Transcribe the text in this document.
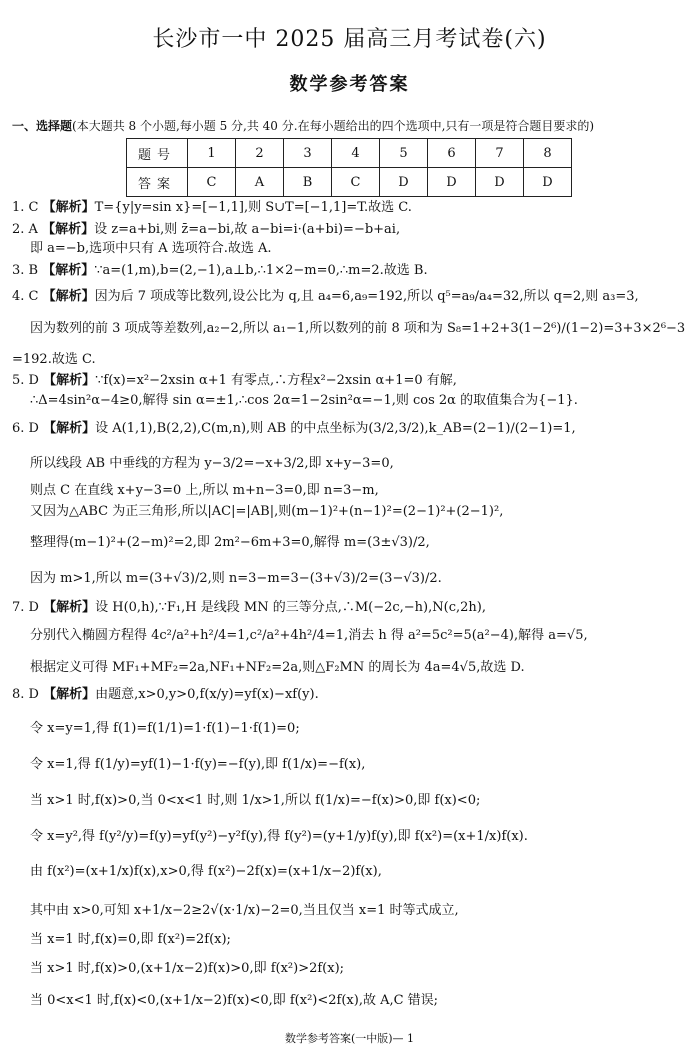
长沙市一中 2025 届高三月考试卷(六)
数学参考答案
一、选择题(本大题共 8 个小题,每小题 5 分,共 40 分.在每小题给出的四个选项中,只有一项是符合题目要求的)
题号	1	2	3	4	5	6	7	8
答案	C	A	B	C	D	D	D	D
1. C 【解析】T={y|y=sin x}=[−1,1],则 S∪T=[−1,1]=T.故选 C.
2. A 【解析】设 z=a+bi,则 z̄=a−bi,故 a−bi=i·(a+bi)=−b+ai,
即 a=−b,选项中只有 A 选项符合.故选 A.
3. B 【解析】∵a=(1,m),b=(2,−1),a⊥b,∴1×2−m=0,∴m=2.故选 B.
4. C 【解析】因为后 7 项成等比数列,设公比为 q,且 a₄=6,a₉=192,所以 q⁵=a₉/a₄=32,所以 q=2,则 a₃=3,
因为数列的前 3 项成等差数列,a₂−2,所以 a₁−1,所以数列的前 8 项和为 S₈=1+2+3(1−2⁶)/(1−2)=3+3×2⁶−3
=192.故选 C.
5. D 【解析】∵f(x)=x²−2xsin α+1 有零点,∴方程x²−2xsin α+1=0 有解,
∴Δ=4sin²α−4≥0,解得 sin α=±1,∴cos 2α=1−2sin²α=−1,则 cos 2α 的取值集合为{−1}.
6. D 【解析】设 A(1,1),B(2,2),C(m,n),则 AB 的中点坐标为(3/2,3/2),k_AB=(2−1)/(2−1)=1,
所以线段 AB 中垂线的方程为 y−3/2=−x+3/2,即 x+y−3=0,
则点 C 在直线 x+y−3=0 上,所以 m+n−3=0,即 n=3−m,
又因为△ABC 为正三角形,所以|AC|=|AB|,则(m−1)²+(n−1)²=(2−1)²+(2−1)²,
整理得(m−1)²+(2−m)²=2,即 2m²−6m+3=0,解得 m=(3±√3)/2,
因为 m>1,所以 m=(3+√3)/2,则 n=3−m=3−(3+√3)/2=(3−√3)/2.
7. D 【解析】设 H(0,h),∵F₁,H 是线段 MN 的三等分点,∴M(−2c,−h),N(c,2h),
分别代入椭圆方程得 4c²/a²+h²/4=1,c²/a²+4h²/4=1,消去 h 得 a²=5c²=5(a²−4),解得 a=√5,
根据定义可得 MF₁+MF₂=2a,NF₁+NF₂=2a,则△F₂MN 的周长为 4a=4√5,故选 D.
8. D 【解析】由题意,x>0,y>0,f(x/y)=yf(x)−xf(y).
令 x=y=1,得 f(1)=f(1/1)=1·f(1)−1·f(1)=0;
令 x=1,得 f(1/y)=yf(1)−1·f(y)=−f(y),即 f(1/x)=−f(x),
当 x>1 时,f(x)>0,当 0<x<1 时,则 1/x>1,所以 f(1/x)=−f(x)>0,即 f(x)<0;
令 x=y²,得 f(y²/y)=f(y)=yf(y²)−y²f(y),得 f(y²)=(y+1/y)f(y),即 f(x²)=(x+1/x)f(x).
由 f(x²)=(x+1/x)f(x),x>0,得 f(x²)−2f(x)=(x+1/x−2)f(x),
其中由 x>0,可知 x+1/x−2≥2√(x·1/x)−2=0,当且仅当 x=1 时等式成立,
当 x=1 时,f(x)=0,即 f(x²)=2f(x);
当 x>1 时,f(x)>0,(x+1/x−2)f(x)>0,即 f(x²)>2f(x);
当 0<x<1 时,f(x)<0,(x+1/x−2)f(x)<0,即 f(x²)<2f(x),故 A,C 错误;
数学参考答案(一中版)— 1
